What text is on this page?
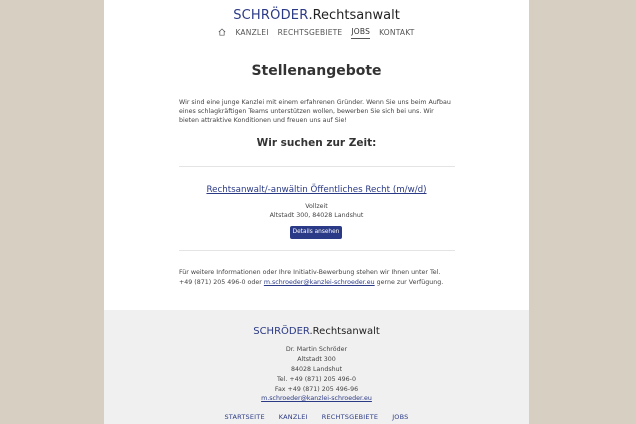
SCHRÖDER.Rechtsanwalt
KANZLEI RECHTSGEBIETE JOBS KONTAKT
Stellenangebote

Wir sind eine junge Kanzlei mit einem erfahrenen Gründer. Wenn Sie uns beim Aufbau eines schlagkräftigen Teams unterstützen wollen, bewerben Sie sich bei uns. Wir bieten attraktive Konditionen und freuen uns auf Sie!

Wir suchen zur Zeit:
Rechtsanwalt/-anwältin Öffentliches Recht (m/w/d)
Vollzeit
Altstadt 300, 84028 Landshut
Details ansehen
Für weitere Informationen oder Ihre Initiativ-Bewerbung stehen wir Ihnen unter Tel.
+49 (871) 205 496-0 oder m.schroeder@kanzlei-schroeder.eu gerne zur Verfügung.
SCHRÖDER.Rechtsanwalt
Dr. Martin Schröder
Altstadt 300
84028 Landshut
Tel. +49 (871) 205 496-0
Fax +49 (871) 205 496-96
m.schroeder@kanzlei-schroeder.eu
STARTSEITE KANZLEI RECHTSGEBIETE JOBS
